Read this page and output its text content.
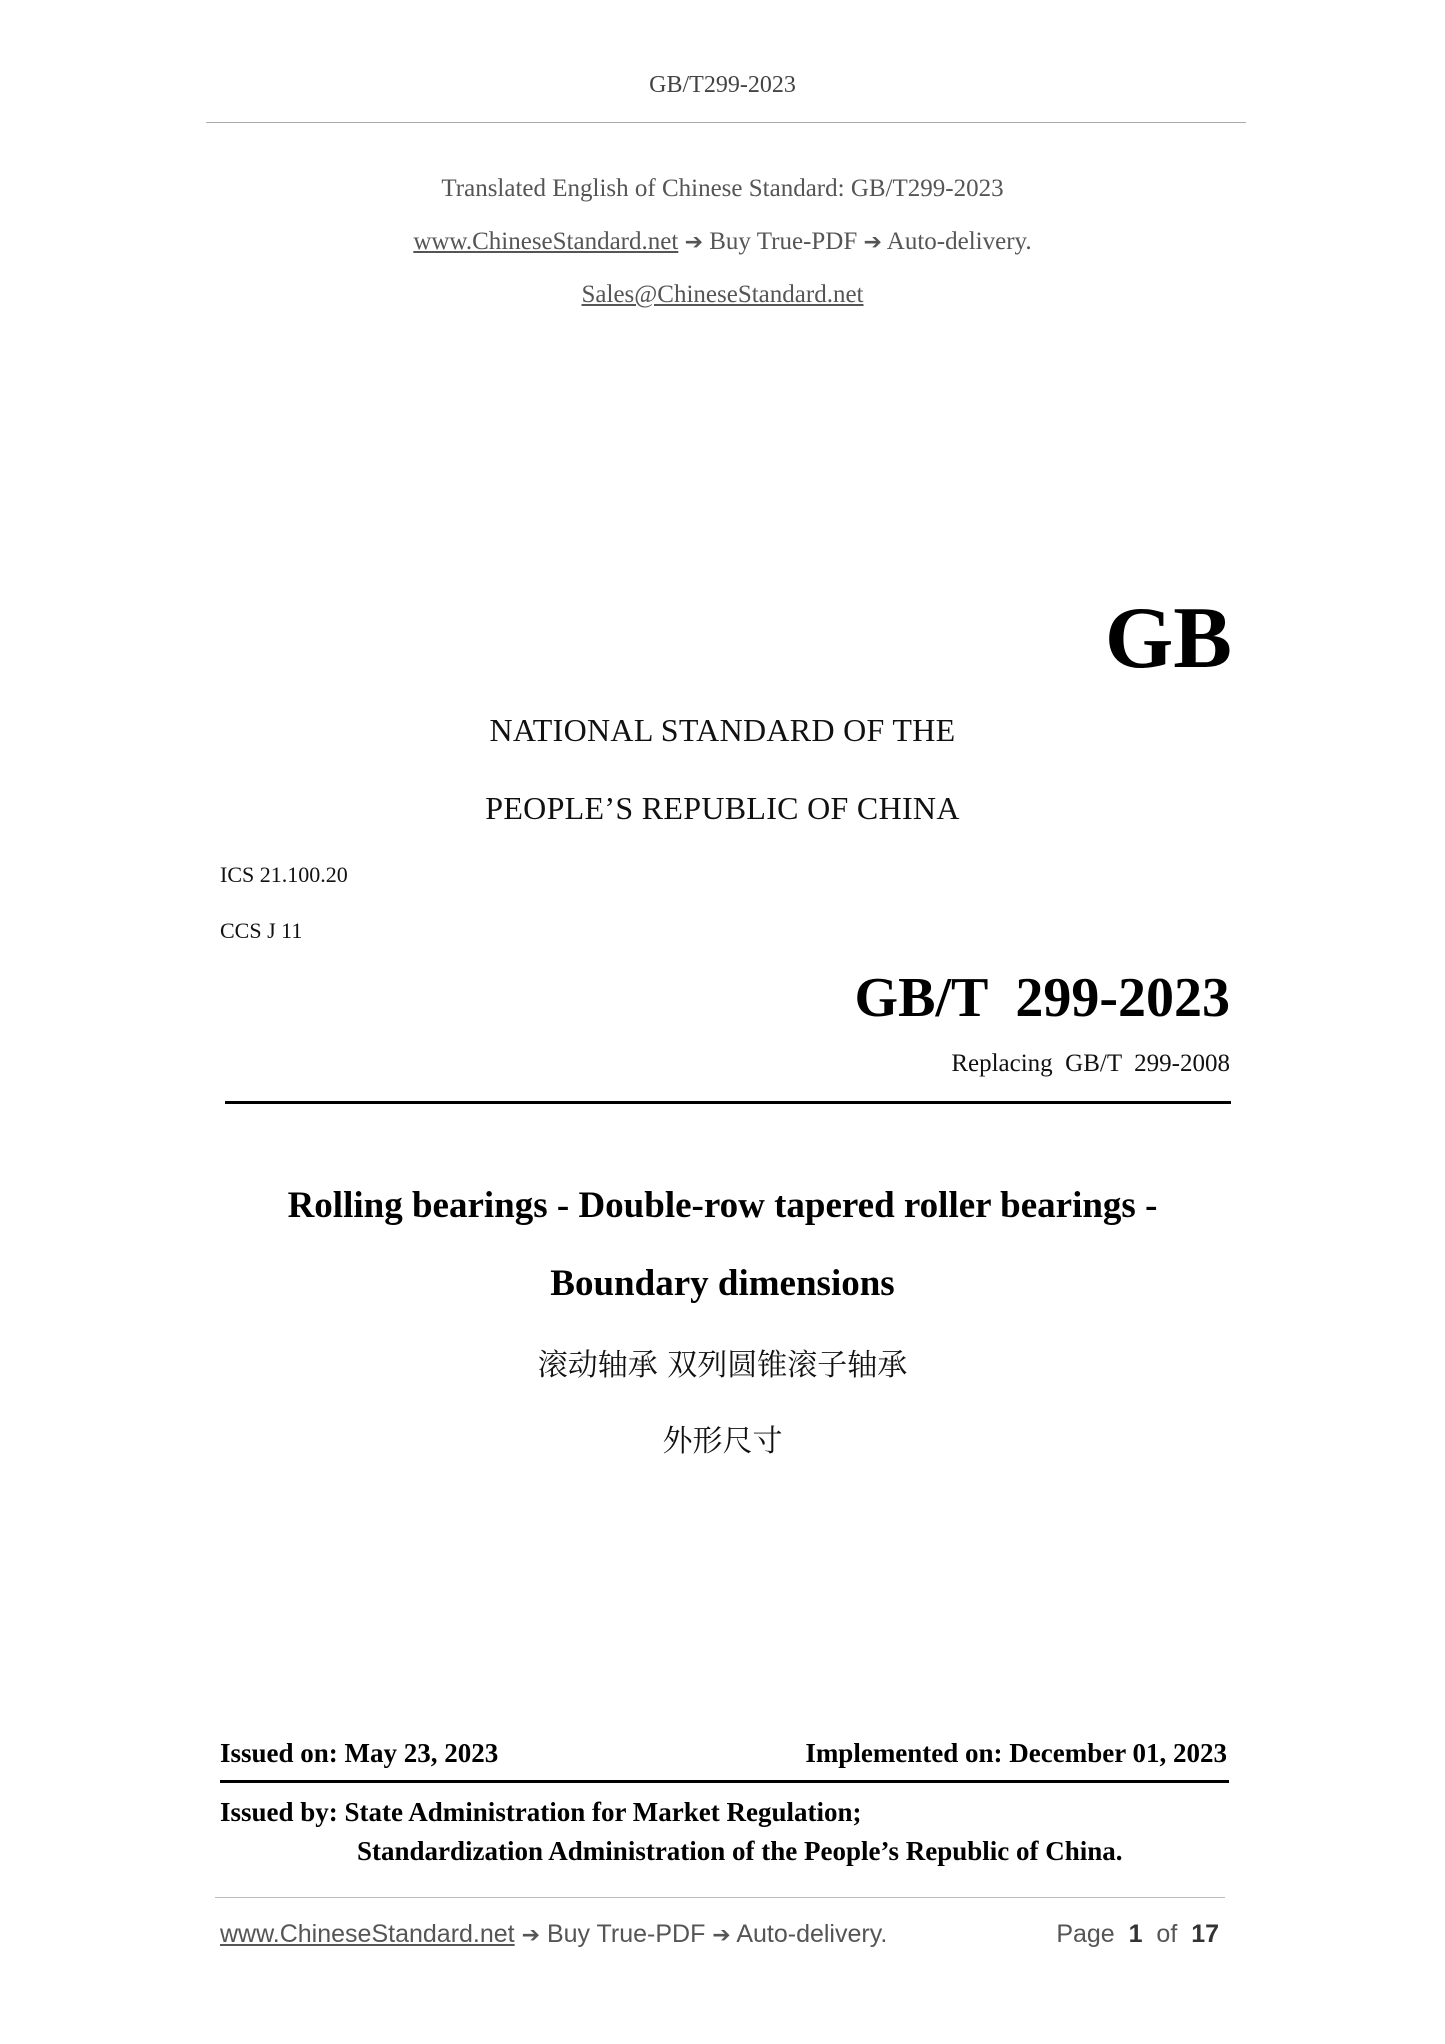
GB/T299-2023
Translated English of Chinese Standard: GB/T299-2023
www.ChineseStandard.net ➔ Buy True-PDF ➔ Auto-delivery.
Sales@ChineseStandard.net
GB
NATIONAL STANDARD OF THE
PEOPLE’S REPUBLIC OF CHINA
ICS 21.100.20
CCS J 11
GB/T  299-2023
Replacing  GB/T  299-2008
Rolling bearings - Double-row tapered roller bearings -
Boundary dimensions
滚动轴承 双列圆锥滚子轴承
外形尺寸
Issued on: May 23, 2023	Implemented on: December 01, 2023
Issued by: State Administration for Market Regulation;
Standardization Administration of the People’s Republic of China.
www.ChineseStandard.net ➔ Buy True-PDF ➔ Auto-delivery.	Page 1 of 17
